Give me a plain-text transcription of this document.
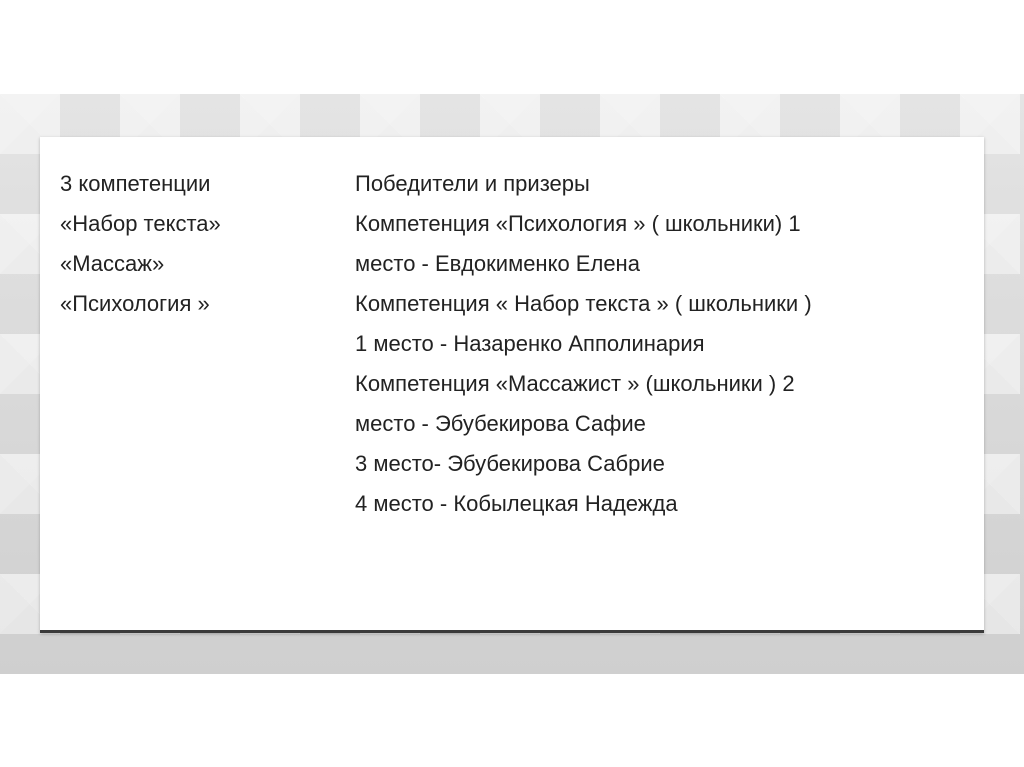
3 компетенции
«Набор текста»
«Массаж»
«Психология »
Победители и призеры
Компетенция «Психология » ( школьники) 1
место - Евдокименко Елена
Компетенция « Набор текста » ( школьники )
1 место - Назаренко Апполинария
Компетенция «Массажист » (школьники ) 2
место - Эбубекирова Сафие
3 место- Эбубекирова Сабрие
4 место - Кобылецкая Надежда
